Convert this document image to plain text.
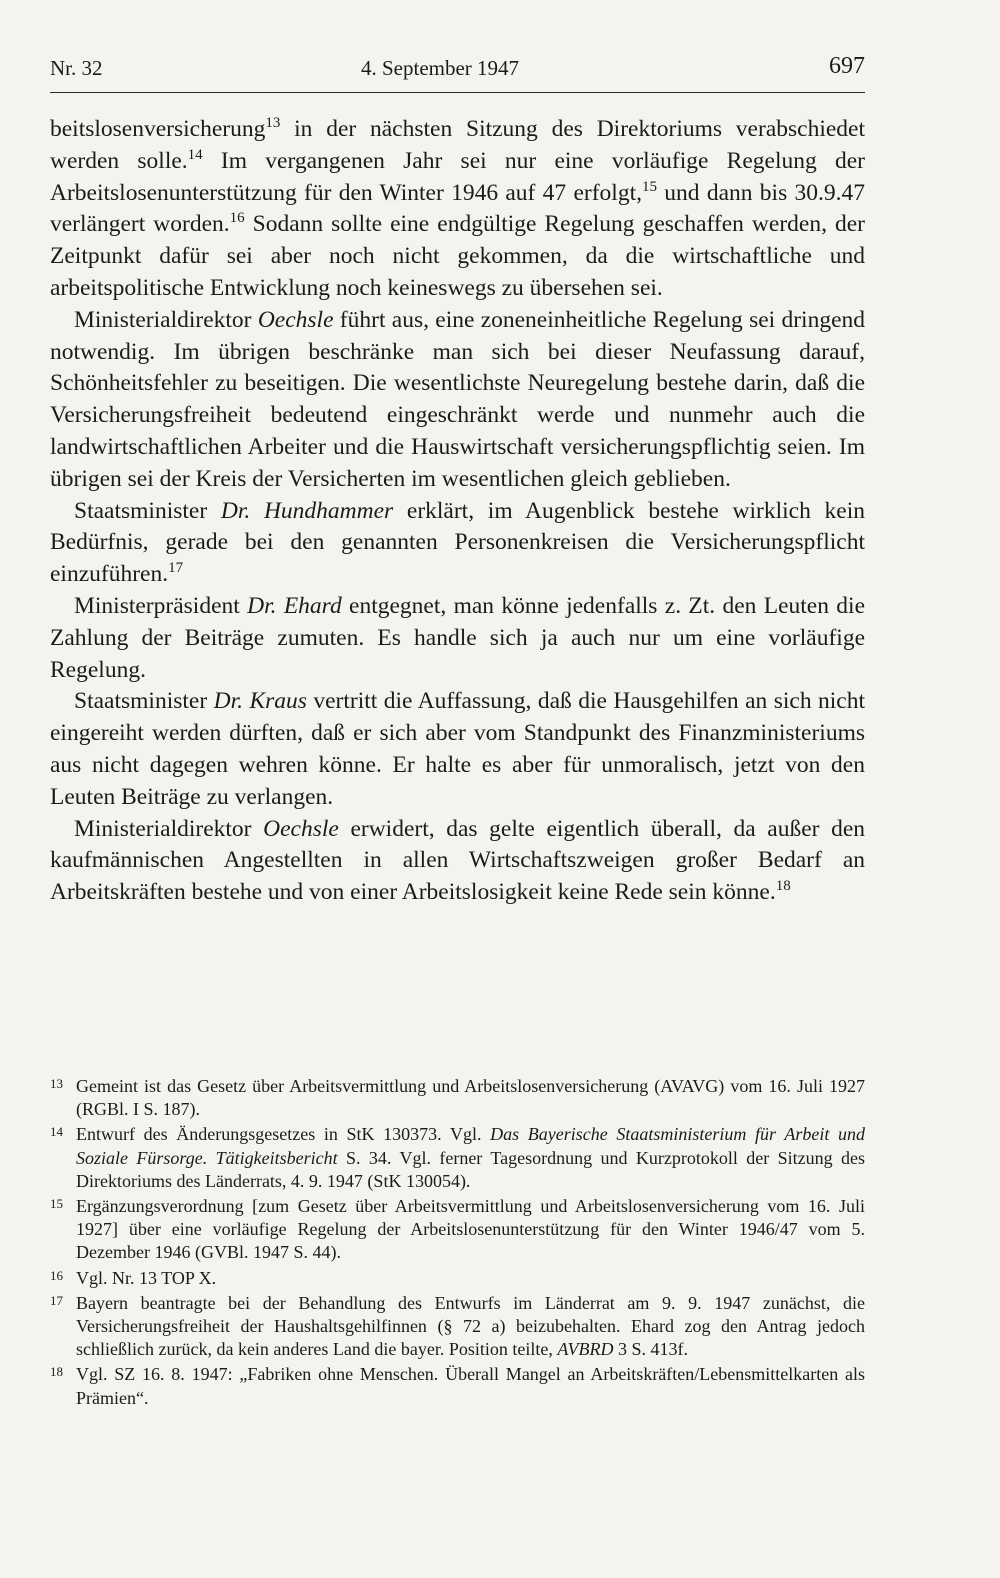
Nr. 32	4. September 1947	697

beitslosenversicherung$^{13}$ in der nächsten Sitzung des Direktoriums verabschiedet werden solle.$^{14}$ Im vergangenen Jahr sei nur eine vorläufige Regelung der Arbeitslosenunterstützung für den Winter 1946 auf 47 erfolgt,$^{15}$ und dann bis 30.9.47 verlängert worden.$^{16}$ Sodann sollte eine endgültige Regelung geschaffen werden, der Zeitpunkt dafür sei aber noch nicht gekommen, da die wirtschaftliche und arbeitspolitische Entwicklung noch keineswegs zu übersehen sei.

Ministerialdirektor Oechsle führt aus, eine zoneneinheitliche Regelung sei dringend notwendig. Im übrigen beschränke man sich bei dieser Neufassung darauf, Schönheitsfehler zu beseitigen. Die wesentlichste Neuregelung bestehe darin, daß die Versicherungsfreiheit bedeutend eingeschränkt werde und nunmehr auch die landwirtschaftlichen Arbeiter und die Hauswirtschaft versicherungspflichtig seien. Im übrigen sei der Kreis der Versicherten im wesentlichen gleich geblieben.

Staatsminister Dr. Hundhammer erklärt, im Augenblick bestehe wirklich kein Bedürfnis, gerade bei den genannten Personenkreisen die Versicherungspflicht einzuführen.$^{17}$

Ministerpräsident Dr. Ehard entgegnet, man könne jedenfalls z. Zt. den Leuten die Zahlung der Beiträge zumuten. Es handle sich ja auch nur um eine vorläufige Regelung.

Staatsminister Dr. Kraus vertritt die Auffassung, daß die Hausgehilfen an sich nicht eingereiht werden dürften, daß er sich aber vom Standpunkt des Finanzministeriums aus nicht dagegen wehren könne. Er halte es aber für unmoralisch, jetzt von den Leuten Beiträge zu verlangen.

Ministerialdirektor Oechsle erwidert, das gelte eigentlich überall, da außer den kaufmännischen Angestellten in allen Wirtschaftszweigen großer Bedarf an Arbeitskräften bestehe und von einer Arbeitslosigkeit keine Rede sein könne.$^{18}$

13 Gemeint ist das Gesetz über Arbeitsvermittlung und Arbeitslosenversicherung (AVAVG) vom 16. Juli 1927 (RGBl. I S. 187).
14 Entwurf des Änderungsgesetzes in StK 130373. Vgl. Das Bayerische Staatsministerium für Arbeit und Soziale Fürsorge. Tätigkeitsbericht S. 34. Vgl. ferner Tagesordnung und Kurzprotokoll der Sitzung des Direktoriums des Länderrats, 4. 9. 1947 (StK 130054).
15 Ergänzungsverordnung [zum Gesetz über Arbeitsvermittlung und Arbeitslosenversicherung vom 16. Juli 1927] über eine vorläufige Regelung der Arbeitslosenunterstützung für den Winter 1946/47 vom 5. Dezember 1946 (GVBl. 1947 S. 44).
16 Vgl. Nr. 13 TOP X.
17 Bayern beantragte bei der Behandlung des Entwurfs im Länderrat am 9. 9. 1947 zunächst, die Versicherungsfreiheit der Haushaltsgehilfinnen (§ 72 a) beizubehalten. Ehard zog den Antrag jedoch schließlich zurück, da kein anderes Land die bayer. Position teilte, AVBRD 3 S. 413f.
18 Vgl. SZ 16. 8. 1947: „Fabriken ohne Menschen. Überall Mangel an Arbeitskräften/Lebensmittelkarten als Prämien“.
